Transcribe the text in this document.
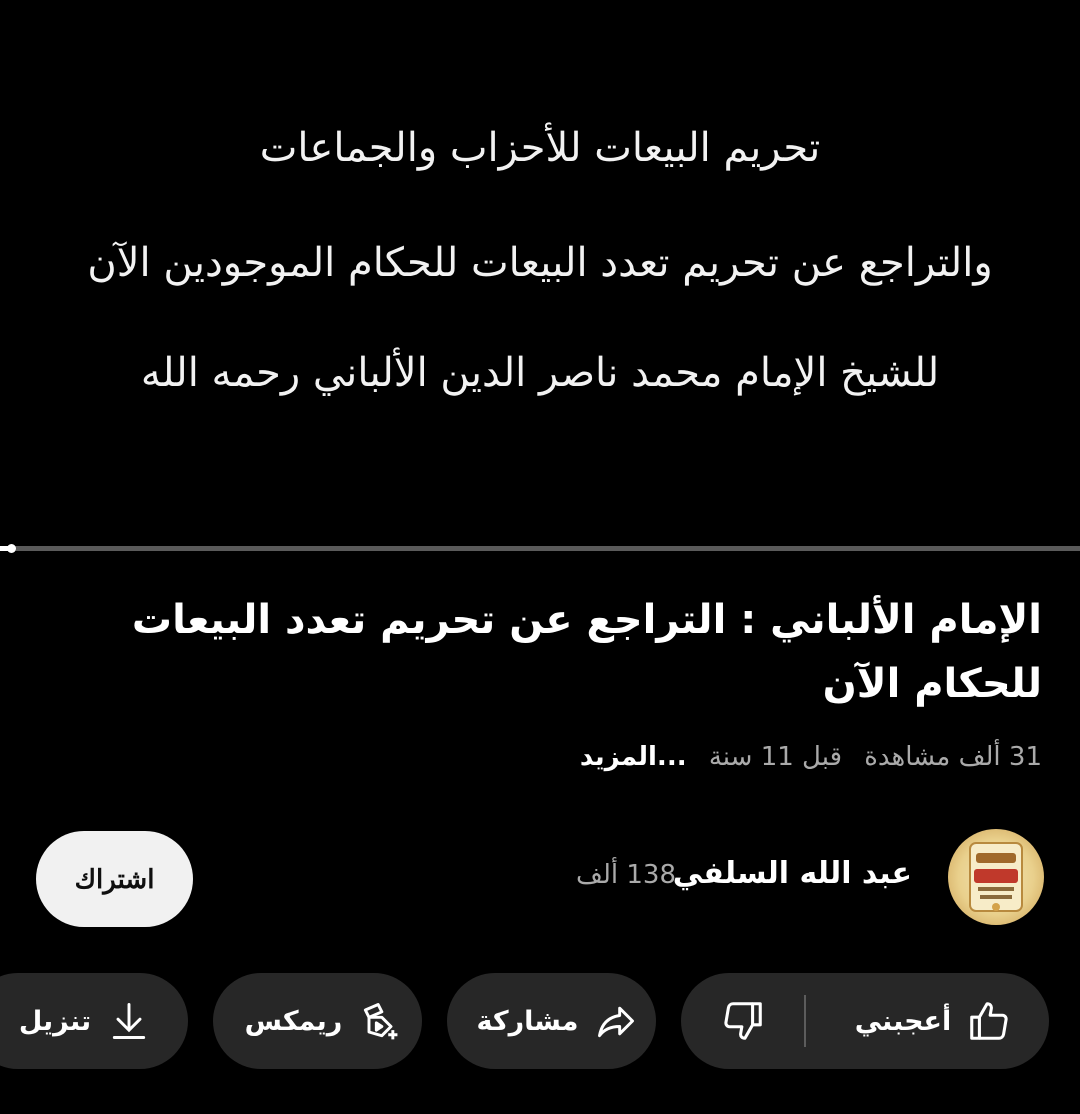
تحريم البيعات للأحزاب والجماعات
والتراجع عن تحريم تعدد البيعات للحكام الموجودين الآن
للشيخ الإمام محمد ناصر الدين الألباني رحمه الله
الإمام الألباني : التراجع عن تحريم تعدد البيعات للحكام الآن
31 ألف مشاهدة قبل 11 سنة ...المزيد
عبد الله السلفي
138 ألف
اشتراك
أعجبني
مشاركة
ريمكس
تنزيل
